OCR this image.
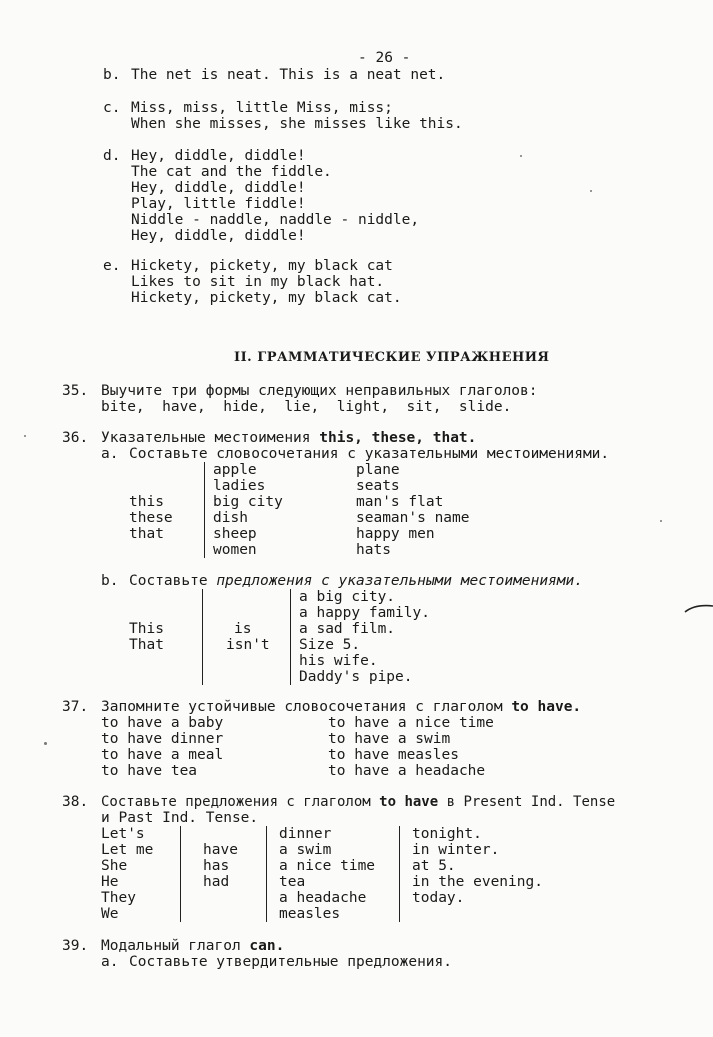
- 26 -
b. The net is neat. This is a neat net.
c. Miss, miss, little Miss, miss;
When she misses, she misses like this.
d. Hey, diddle, diddle!
The cat and the fiddle.
Hey, diddle, diddle!
Play, little fiddle!
Niddle - naddle, naddle - niddle,
Hey, diddle, diddle!
e. Hickety, pickety, my black cat
Likes to sit in my black hat.
Hickety, pickety, my black cat.
II. ГРАММАТИЧЕСКИЕ УПРАЖНЕНИЯ
35. Выучите три формы следующих неправильных глаголов:
bite,  have,  hide,  lie,  light,  sit,  slide.
36. Указательные местоимения this, these, that.
a. Составьте словосочетания с указательными местоимениями.
this
these
that
apple
ladies
big city
dish
sheep
women
plane
seats
man's flat
seaman's name
happy men
hats
b. Составьте предложения с указательными местоимениями.
This
That
is
isn't
a big city.
a happy family.
a sad film.
Size 5.
his wife.
Daddy's pipe.
37. Запомните устойчивые словосочетания с глаголом to have.
to have a baby
to have dinner
to have a meal
to have tea
to have a nice time
to have a swim
to have measles
to have a headache
38. Составьте предложения с глаголом to have в Present Ind. Tense
и Past Ind. Tense.
Let's
Let me
She
He
They
We
have
has
had
dinner
a swim
a nice time
tea
a headache
measles
tonight.
in winter.
at 5.
in the evening.
today.
39. Модальный глагол can.
a. Составьте утвердительные предложения.
